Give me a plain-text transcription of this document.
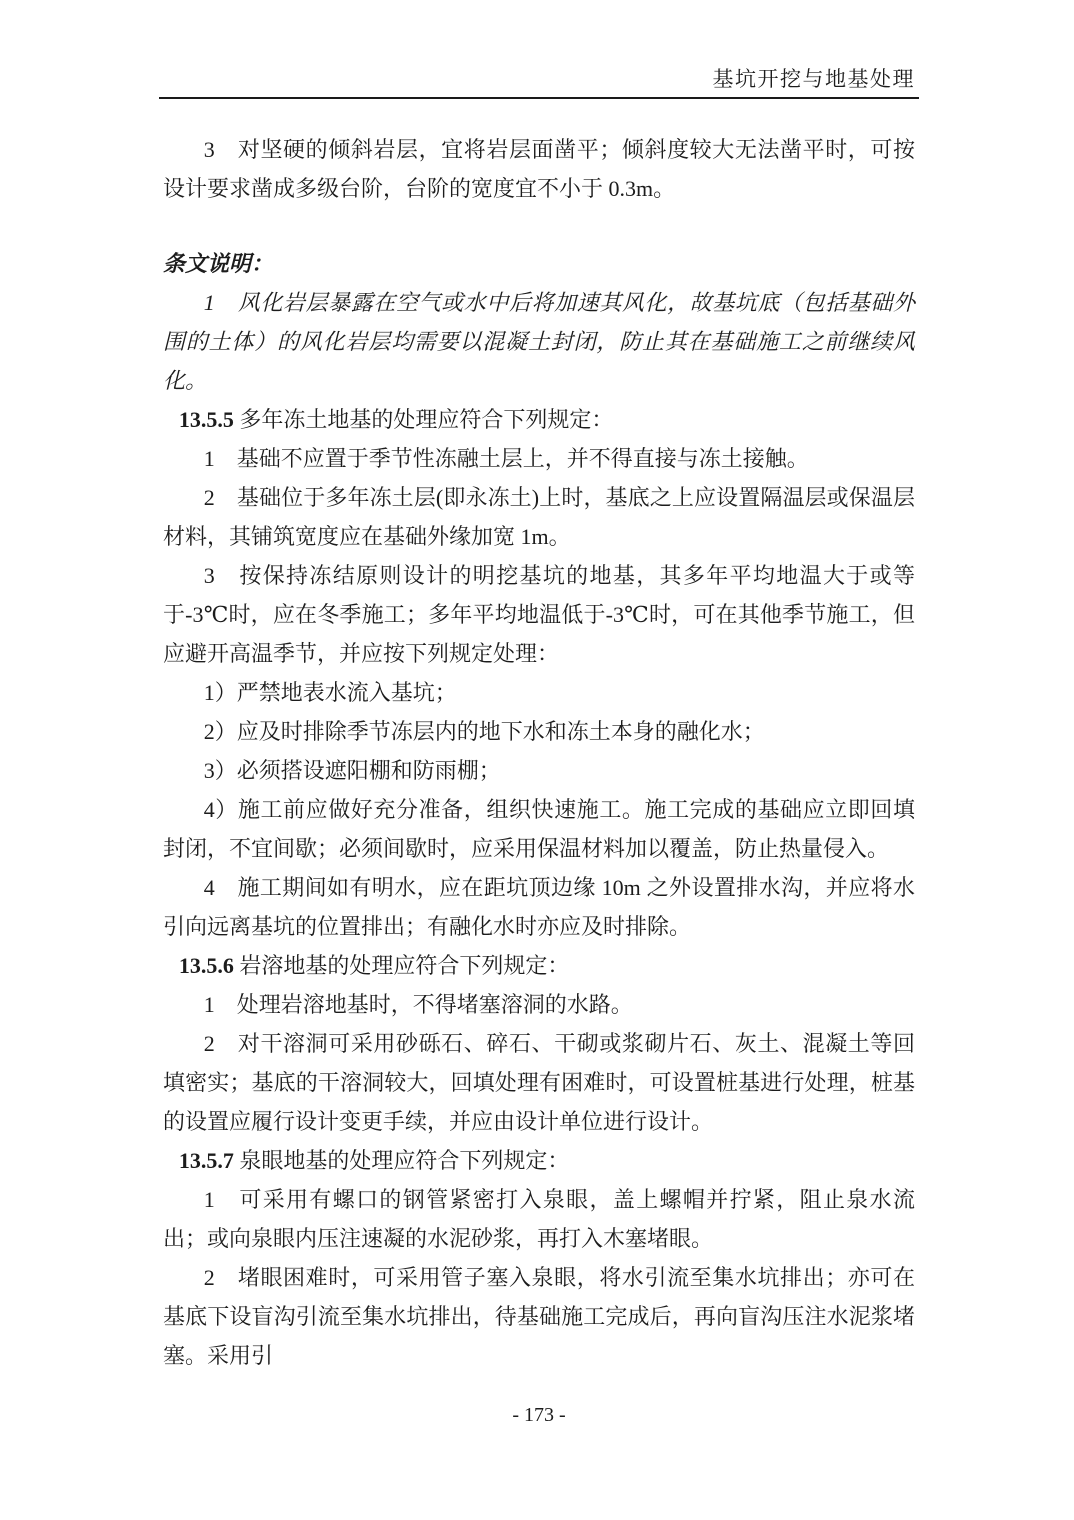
基坑开挖与地基处理

3　对坚硬的倾斜岩层，宜将岩层面凿平；倾斜度较大无法凿平时，可按设计要求凿成多级台阶，台阶的宽度宜不小于 0.3m。

条文说明：

1　风化岩层暴露在空气或水中后将加速其风化，故基坑底（包括基础外围的土体）的风化岩层均需要以混凝土封闭，防止其在基础施工之前继续风化。

13.5.5 多年冻土地基的处理应符合下列规定：

1　基础不应置于季节性冻融土层上，并不得直接与冻土接触。

2　基础位于多年冻土层(即永冻土)上时，基底之上应设置隔温层或保温层材料，其铺筑宽度应在基础外缘加宽 1m。

3　按保持冻结原则设计的明挖基坑的地基，其多年平均地温大于或等于-3℃时，应在冬季施工；多年平均地温低于-3℃时，可在其他季节施工，但应避开高温季节，并应按下列规定处理：

1）严禁地表水流入基坑；

2）应及时排除季节冻层内的地下水和冻土本身的融化水；

3）必须搭设遮阳棚和防雨棚；

4）施工前应做好充分准备，组织快速施工。施工完成的基础应立即回填封闭，不宜间歇；必须间歇时，应采用保温材料加以覆盖，防止热量侵入。

4　施工期间如有明水，应在距坑顶边缘 10m 之外设置排水沟，并应将水引向远离基坑的位置排出；有融化水时亦应及时排除。

13.5.6 岩溶地基的处理应符合下列规定：

1　处理岩溶地基时，不得堵塞溶洞的水路。

2　对干溶洞可采用砂砾石、碎石、干砌或浆砌片石、灰土、混凝土等回填密实；基底的干溶洞较大，回填处理有困难时，可设置桩基进行处理，桩基的设置应履行设计变更手续，并应由设计单位进行设计。

13.5.7 泉眼地基的处理应符合下列规定：

1　可采用有螺口的钢管紧密打入泉眼，盖上螺帽并拧紧，阻止泉水流出；或向泉眼内压注速凝的水泥砂浆，再打入木塞堵眼。

2　堵眼困难时，可采用管子塞入泉眼，将水引流至集水坑排出；亦可在基底下设盲沟引流至集水坑排出，待基础施工完成后，再向盲沟压注水泥浆堵塞。采用引

- 173 -
